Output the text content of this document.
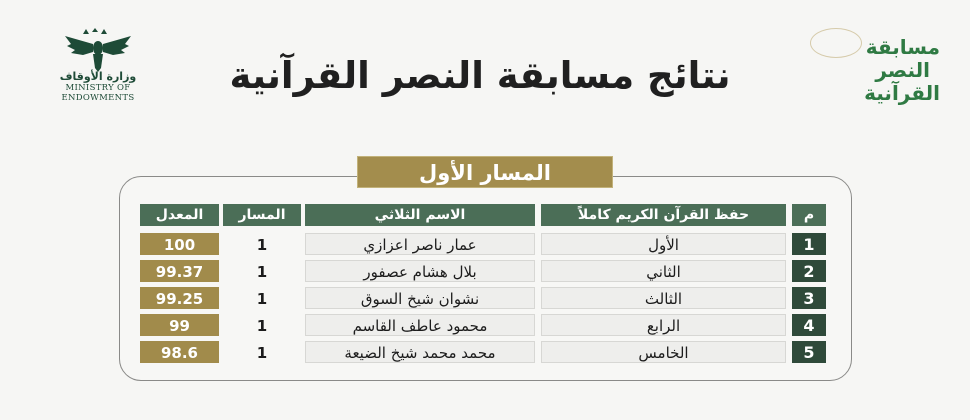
وزارة الأوقاف
MINISTRY OF
ENDOWMENTS
نتائج مسابقة النصر القرآنية
مسابقة
النصر
القرآنية
المسار الأول
المعدل	المسار	الاسم الثلاثي	حفظ القرآن الكريم كاملاً	م
100	1	عمار ناصر اعزازي	الأول	1
99.37	1	بلال هشام عصفور	الثاني	2
99.25	1	نشوان شيخ السوق	الثالث	3
99	1	محمود عاطف القاسم	الرابع	4
98.6	1	محمد محمد شيخ الضيعة	الخامس	5
